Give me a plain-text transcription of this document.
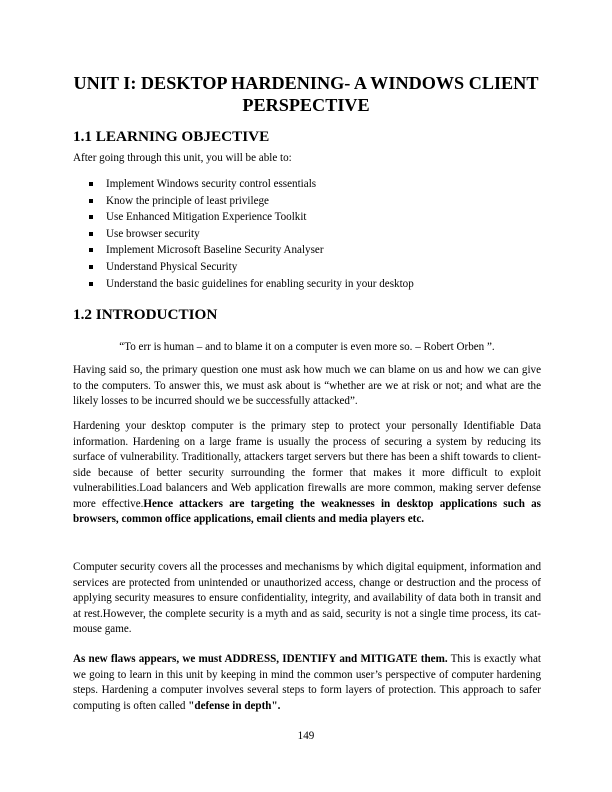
UNIT I: DESKTOP HARDENING- A WINDOWS CLIENT
PERSPECTIVE
1.1 LEARNING OBJECTIVE
After going through this unit, you will be able to:
Implement Windows security control essentials
Know the principle of least privilege
Use Enhanced Mitigation Experience Toolkit
Use browser security
Implement Microsoft Baseline Security Analyser
Understand Physical Security
Understand the basic guidelines for enabling security in your desktop
1.2 INTRODUCTION
“To err is human – and to blame it on a computer is even more so. – Robert Orben ”.
Having said so, the primary question one must ask how much we can blame on us and how we can give to the computers. To answer this, we must ask about is “whether are we at risk or not; and what are the likely losses to be incurred should we be successfully attacked”.
Hardening your desktop computer is the primary step to protect your personally Identifiable Data information. Hardening on a large frame is usually the process of securing a system by reducing its surface of vulnerability. Traditionally, attackers target servers but there has been a shift towards to client-side because of better security surrounding the former that makes it more difficult to exploit vulnerabilities.Load balancers and Web application firewalls are more common, making server defense more effective.Hence attackers are targeting the weaknesses in desktop applications such as browsers, common office applications, email clients and media players etc.
Computer security covers all the processes and mechanisms by which digital equipment, information and services are protected from unintended or unauthorized access, change or destruction and the process of applying security measures to ensure confidentiality, integrity, and availability of data both in transit and at rest.However, the complete security is a myth and as said, security is not a single time process, its cat-mouse game.
As new flaws appears, we must ADDRESS, IDENTIFY and MITIGATE them. This is exactly what we going to learn in this unit by keeping in mind the common user’s perspective of computer hardening steps. Hardening a computer involves several steps to form layers of protection. This approach to safer computing is often called "defense in depth".
149
